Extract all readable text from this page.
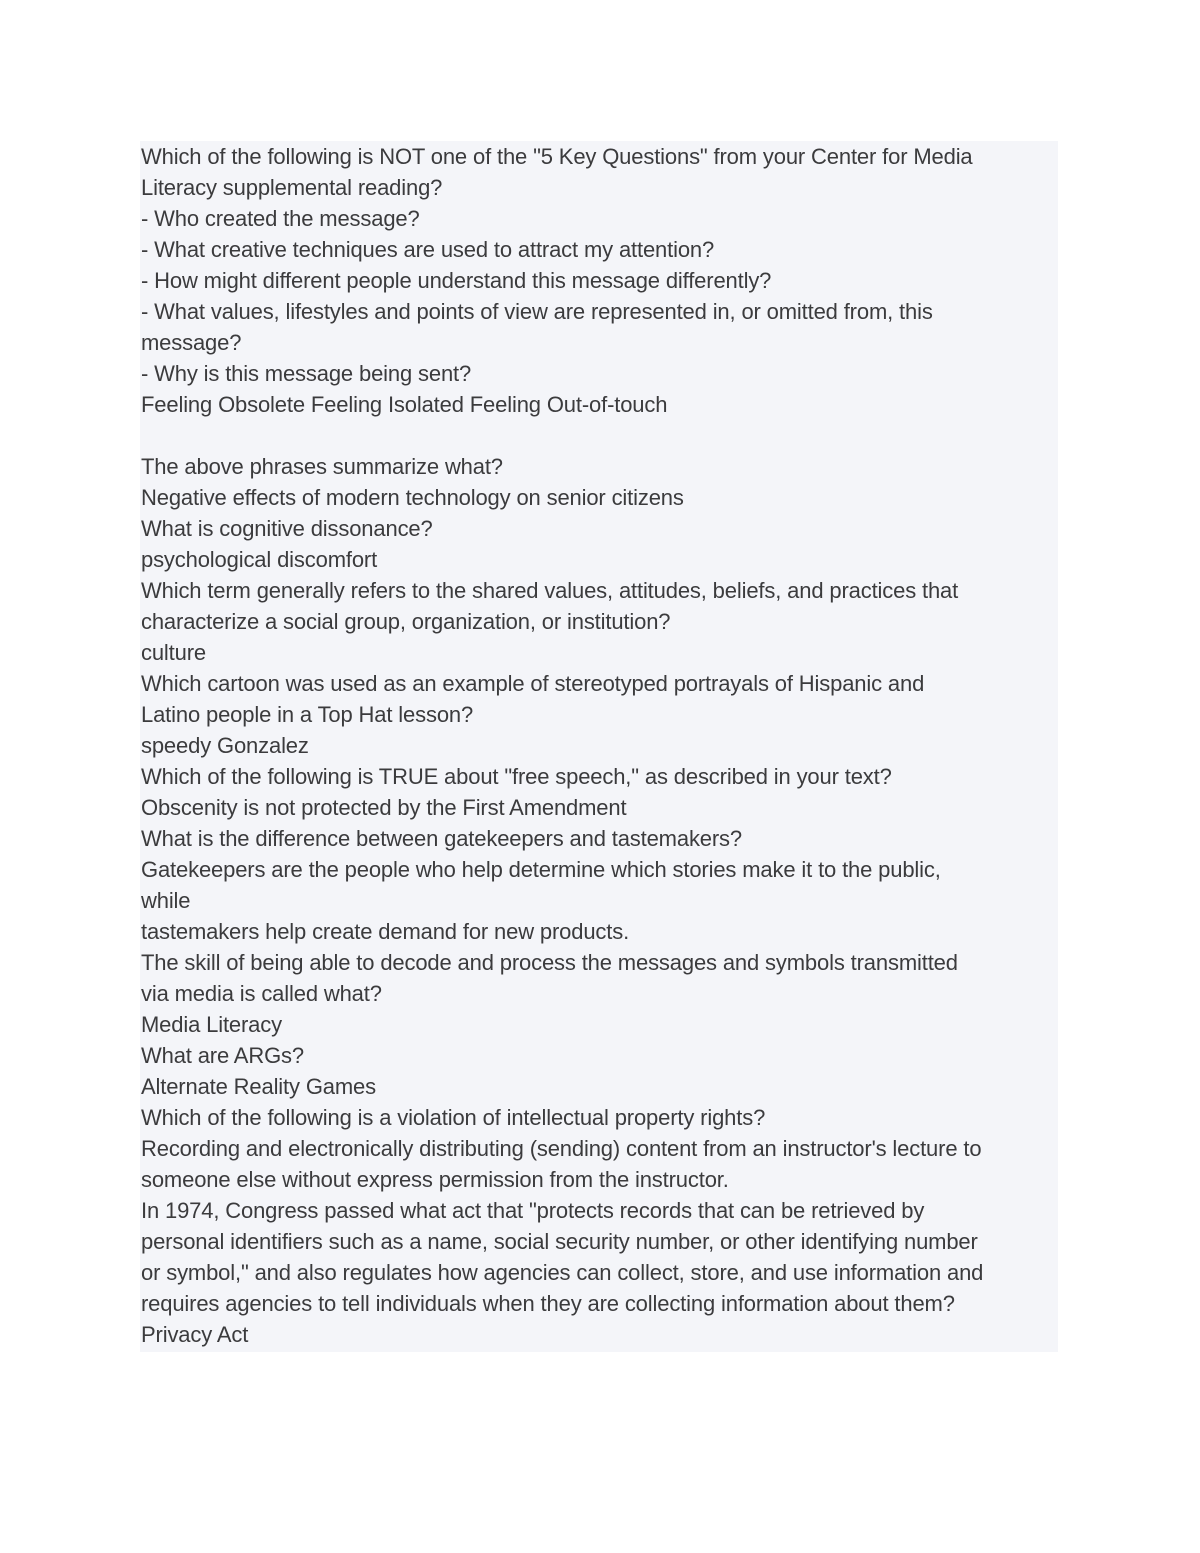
Which of the following is NOT one of the "5 Key Questions" from your Center for Media
Literacy supplemental reading?
- Who created the message?
- What creative techniques are used to attract my attention?
- How might different people understand this message differently?
- What values, lifestyles and points of view are represented in, or omitted from, this
message?
- Why is this message being sent?
Feeling Obsolete Feeling Isolated Feeling Out-of-touch
The above phrases summarize what?
Negative effects of modern technology on senior citizens
What is cognitive dissonance?
psychological discomfort
Which term generally refers to the shared values, attitudes, beliefs, and practices that
characterize a social group, organization, or institution?
culture
Which cartoon was used as an example of stereotyped portrayals of Hispanic and
Latino people in a Top Hat lesson?
speedy Gonzalez
Which of the following is TRUE about "free speech," as described in your text?
Obscenity is not protected by the First Amendment
What is the difference between gatekeepers and tastemakers?
Gatekeepers are the people who help determine which stories make it to the public,
while
tastemakers help create demand for new products.
The skill of being able to decode and process the messages and symbols transmitted
via media is called what?
Media Literacy
What are ARGs?
Alternate Reality Games
Which of the following is a violation of intellectual property rights?
Recording and electronically distributing (sending) content from an instructor's lecture to
someone else without express permission from the instructor.
In 1974, Congress passed what act that "protects records that can be retrieved by
personal identifiers such as a name, social security number, or other identifying number
or symbol," and also regulates how agencies can collect, store, and use information and
requires agencies to tell individuals when they are collecting information about them?
Privacy Act
